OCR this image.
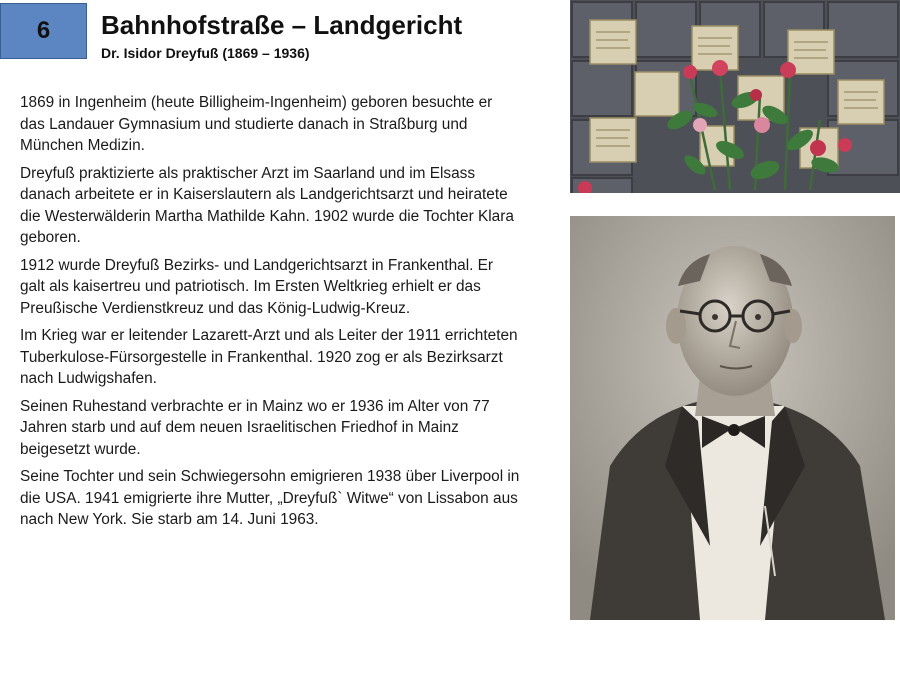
6 Bahnhofstraße – Landgericht
Dr. Isidor Dreyfuß (1869 – 1936)

1869 in Ingenheim (heute Billigheim-Ingenheim) geboren besuchte er das Landauer Gymnasium und studierte danach in Straßburg und München Medizin.

Dreyfuß praktizierte als praktischer Arzt im Saarland und im Elsass danach arbeitete er in Kaiserslautern als Landgerichtsarzt und heiratete die Westerwälderin Martha Mathilde Kahn. 1902 wurde die Tochter Klara geboren.

1912 wurde Dreyfuß Bezirks- und Landgerichtsarzt in Frankenthal. Er galt als kaisertreu und patriotisch. Im Ersten Weltkrieg erhielt er das Preußische Verdienstkreuz und das König-Ludwig-Kreuz.

Im Krieg war er leitender Lazarett-Arzt und als Leiter der 1911 errichteten Tuberkulose-Fürsorgestelle in Frankenthal. 1920 zog er als Bezirksarzt nach Ludwigshafen.

Seinen Ruhestand verbrachte er in Mainz wo er 1936 im Alter von 77 Jahren starb und auf dem neuen Israelitischen Friedhof in Mainz beigesetzt wurde.

Seine Tochter und sein Schwiegersohn emigrieren 1938 über Liverpool in die USA. 1941 emigrierte ihre Mutter, „Dreyfuß` Witwe“ von Lissabon aus nach New York. Sie starb am 14. Juni 1963.
